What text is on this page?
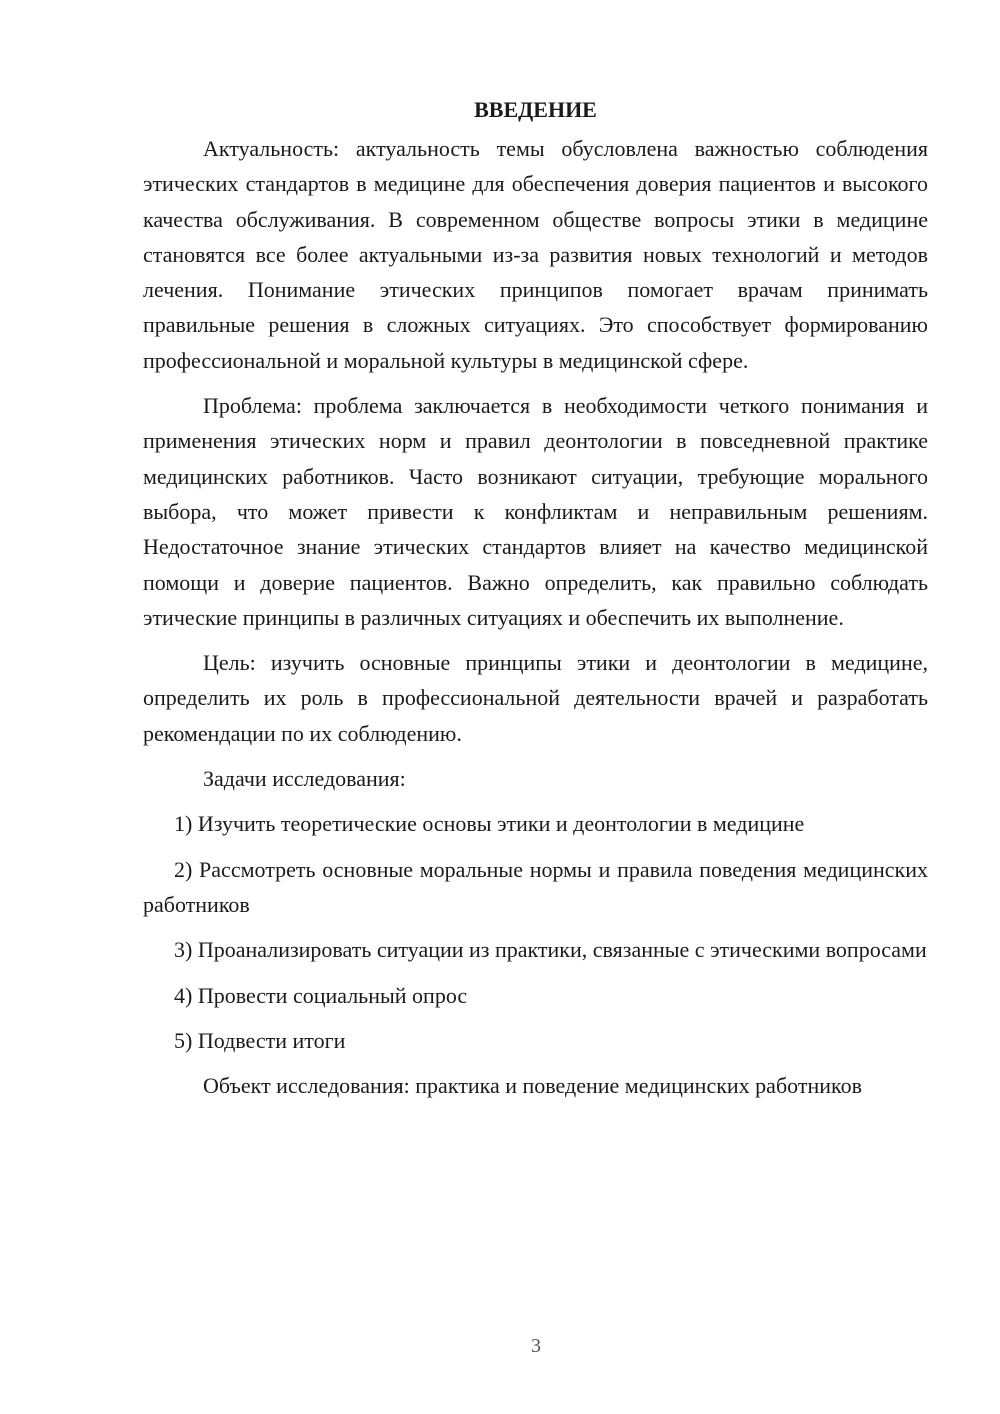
ВВЕДЕНИЕ

Актуальность: актуальность темы обусловлена важностью соблюдения этических стандартов в медицине для обеспечения доверия пациентов и высокого качества обслуживания. В современном обществе вопросы этики в медицине становятся все более актуальными из-за развития новых технологий и методов лечения. Понимание этических принципов помогает врачам принимать правильные решения в сложных ситуациях. Это способствует формированию профессиональной и моральной культуры в медицинской сфере.

Проблема: проблема заключается в необходимости четкого понимания и применения этических норм и правил деонтологии в повседневной практике медицинских работников. Часто возникают ситуации, требующие морального выбора, что может привести к конфликтам и неправильным решениям. Недостаточное знание этических стандартов влияет на качество медицинской помощи и доверие пациентов. Важно определить, как правильно соблюдать этические принципы в различных ситуациях и обеспечить их выполнение.

Цель: изучить основные принципы этики и деонтологии в медицине, определить их роль в профессиональной деятельности врачей и разработать рекомендации по их соблюдению.

Задачи исследования:

1) Изучить теоретические основы этики и деонтологии в медицине

2) Рассмотреть основные моральные нормы и правила поведения медицинских работников

3) Проанализировать ситуации из практики, связанные с этическими вопросами

4) Провести социальный опрос

5) Подвести итоги

Объект исследования: практика и поведение медицинских работников

3
